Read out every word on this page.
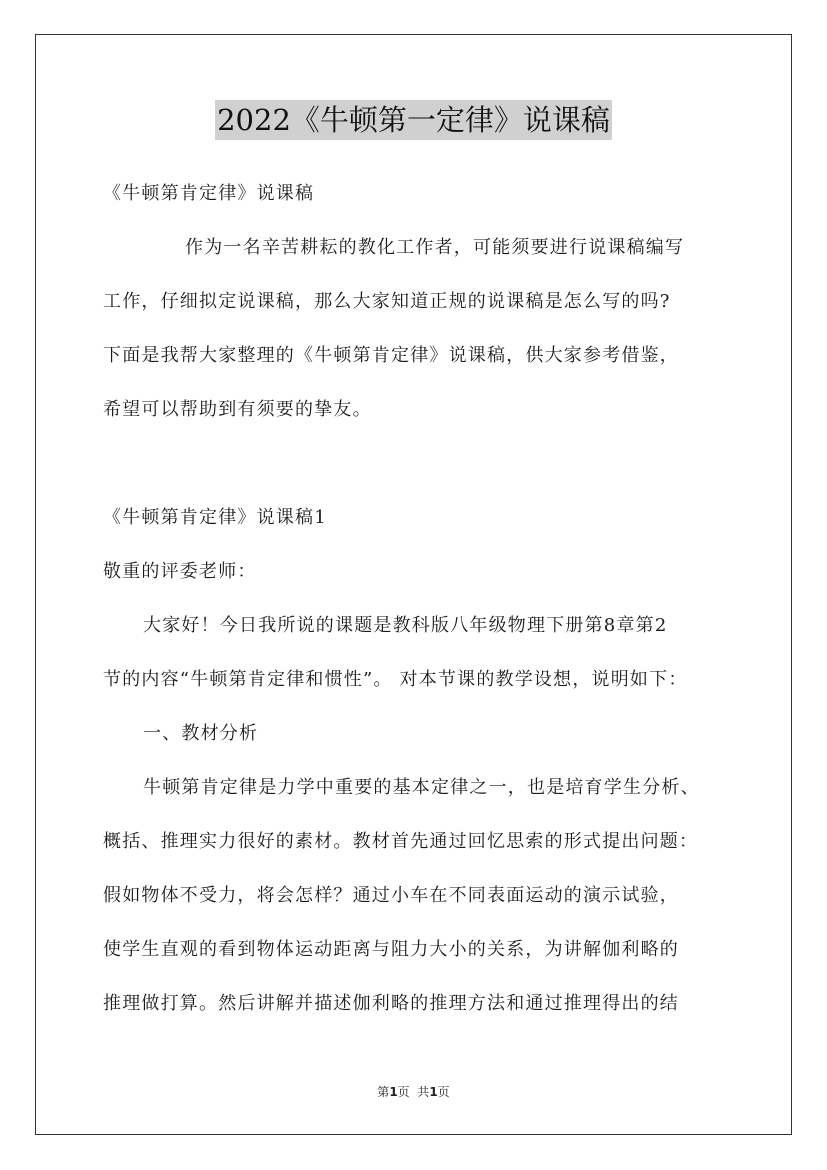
2022《牛顿第一定律》说课稿
《牛顿第肯定律》说课稿
作为一名辛苦耕耘的教化工作者，可能须要进行说课稿编写
工作，仔细拟定说课稿，那么大家知道正规的说课稿是怎么写的吗?
下面是我帮大家整理的《牛顿第肯定律》说课稿，供大家参考借鉴，
希望可以帮助到有须要的挚友。
《牛顿第肯定律》说课稿1
敬重的评委老师：
大家好！今日我所说的课题是教科版八年级物理下册第8章第2
节的内容“牛顿第肯定律和惯性”。 对本节课的教学设想，说明如下：
一、教材分析
牛顿第肯定律是力学中重要的基本定律之一，也是培育学生分析、
概括、推理实力很好的素材。教材首先通过回忆思索的形式提出问题：
假如物体不受力，将会怎样？通过小车在不同表面运动的演示试验，
使学生直观的看到物体运动距离与阻力大小的关系，为讲解伽利略的
推理做打算。然后讲解并描述伽利略的推理方法和通过推理得出的结
第1页  共1页
